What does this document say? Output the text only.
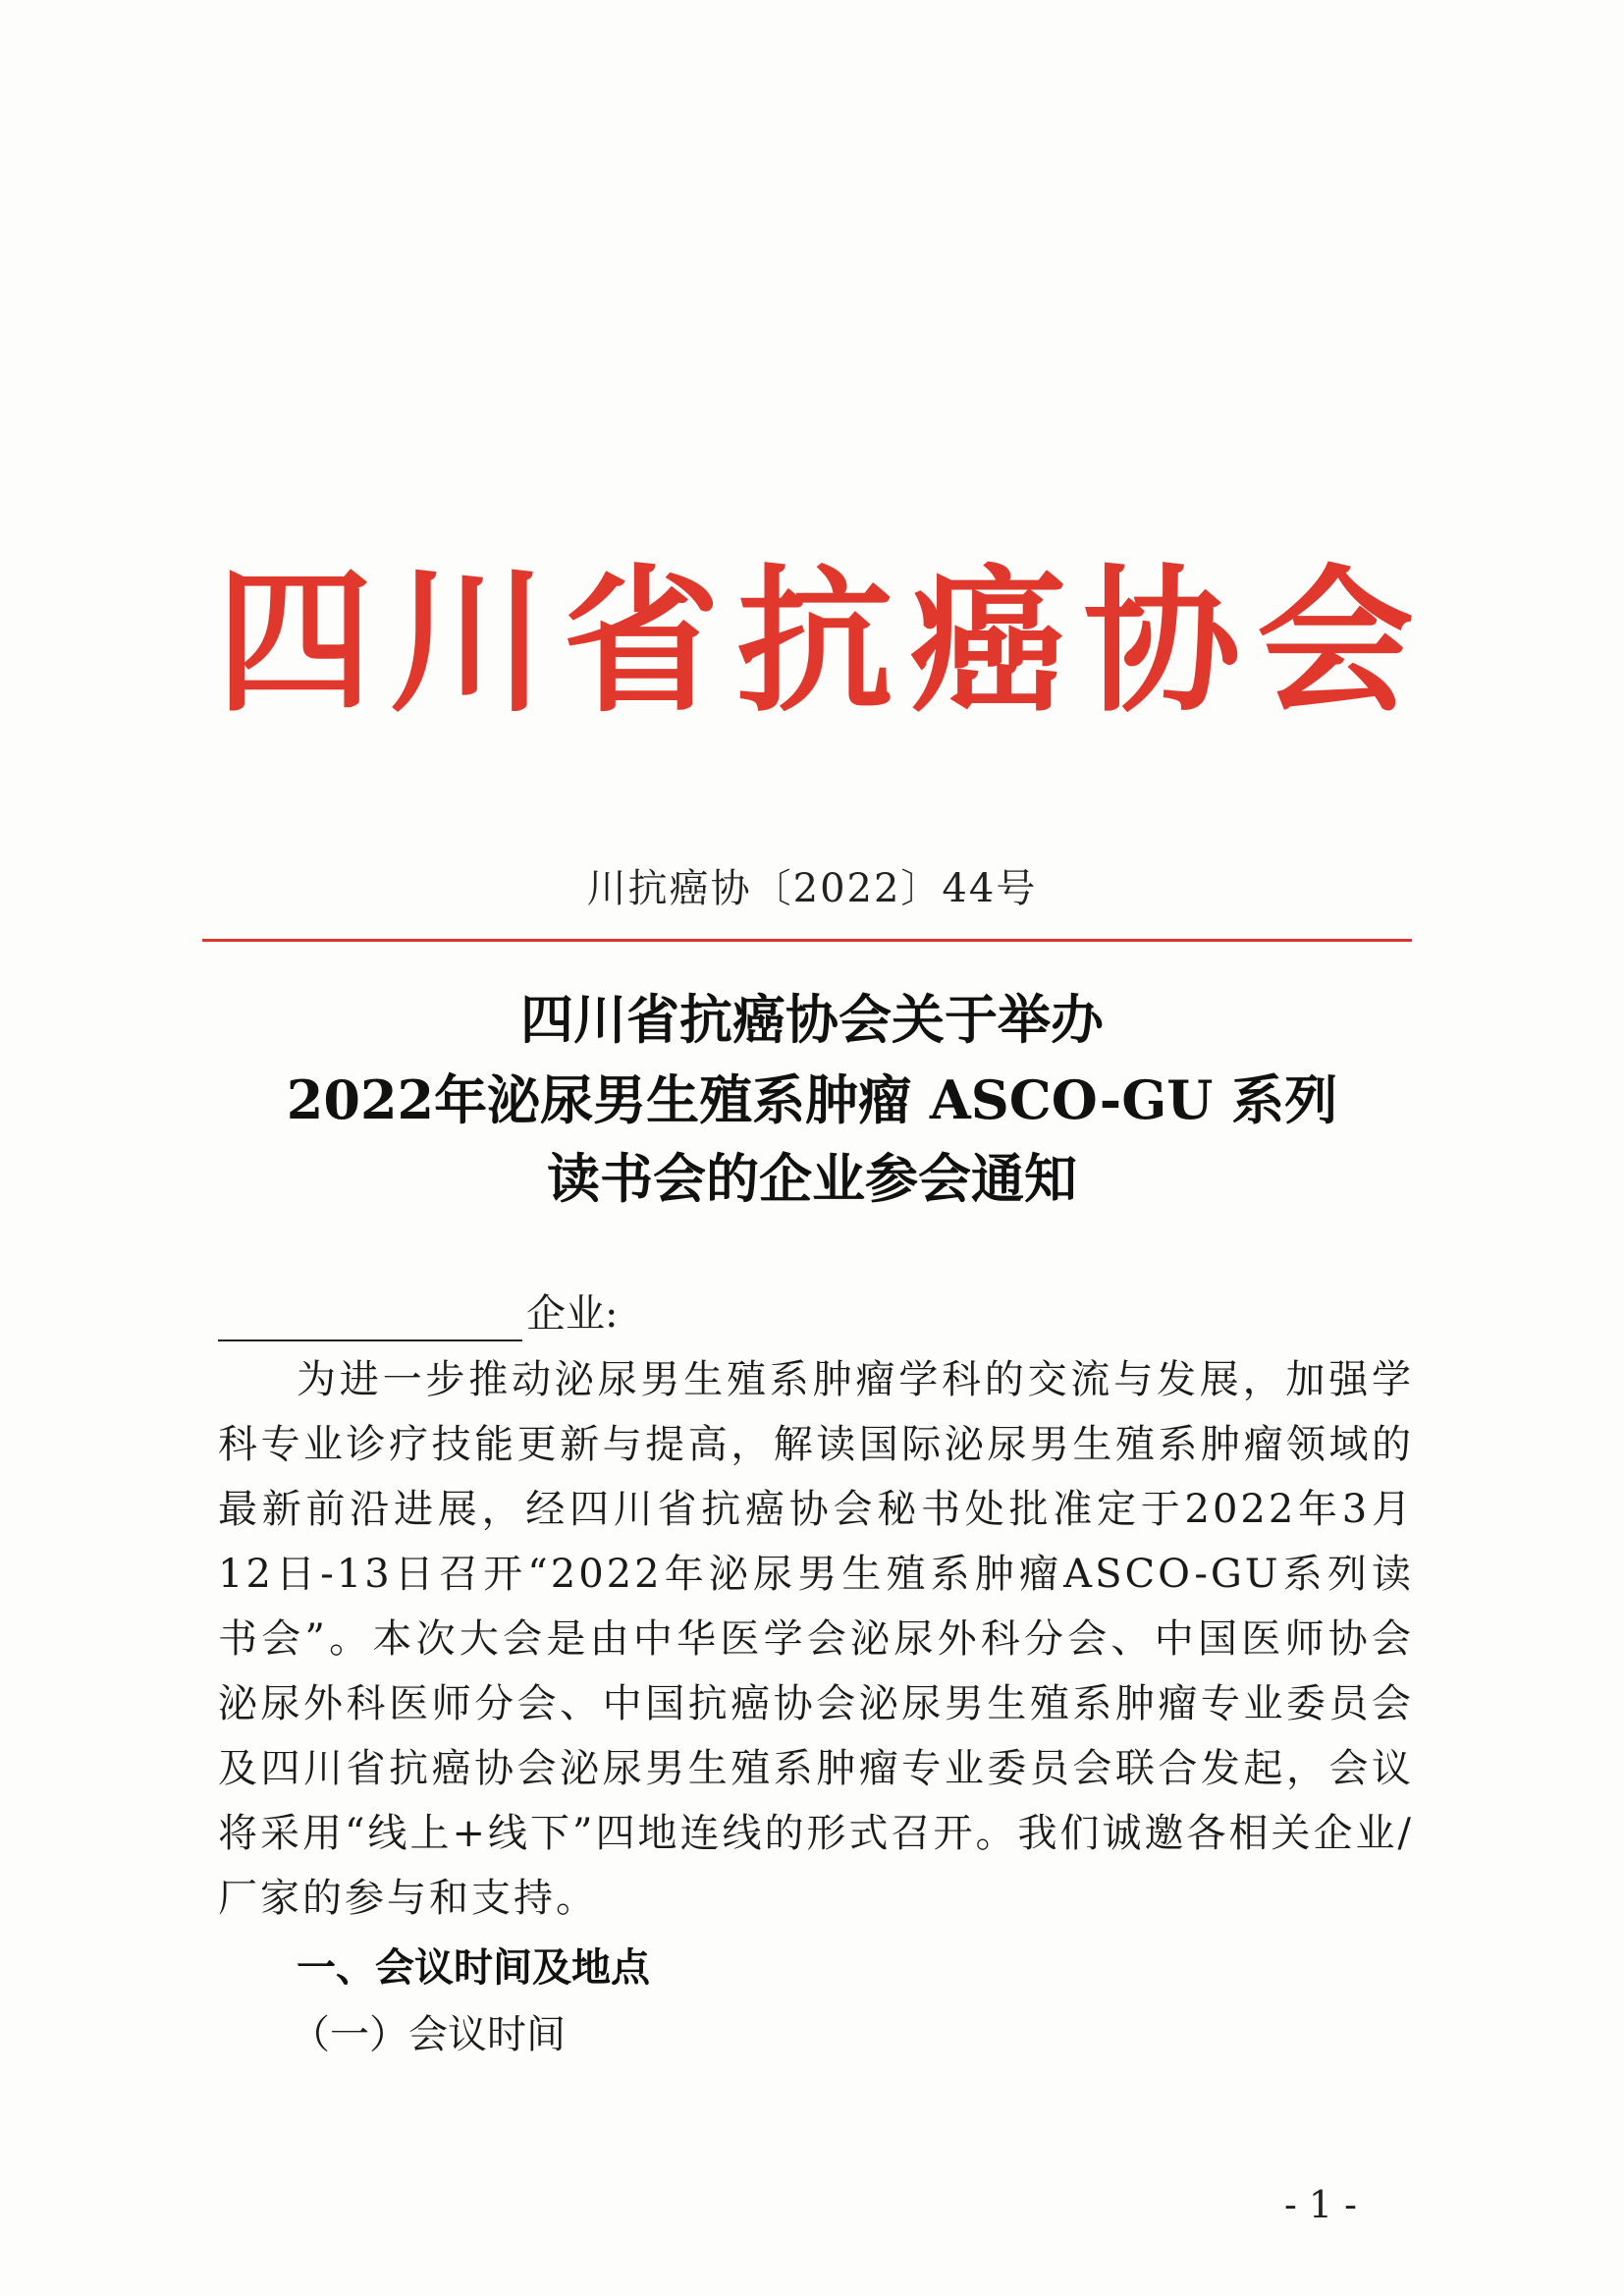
四 川 省 抗 癌 协 会
川抗癌协〔2022〕44号
四川省抗癌协会关于举办
2022年泌尿男生殖系肿瘤 ASCO-GU 系列
读书会的企业参会通知
企业:

为进一步推动泌尿男生殖系肿瘤学科的交流与发展，加强学科专业诊疗技能更新与提高，解读国际泌尿男生殖系肿瘤领域的最新前沿进展，经四川省抗癌协会秘书处批准定于2022年3月12日-13日召开“2022年泌尿男生殖系肿瘤ASCO-GU系列读书会”。本次大会是由中华医学会泌尿外科分会、中国医师协会泌尿外科医师分会、中国抗癌协会泌尿男生殖系肿瘤专业委员会及四川省抗癌协会泌尿男生殖系肿瘤专业委员会联合发起，会议将采用“线上+线下”四地连线的形式召开。我们诚邀各相关企业/厂家的参与和支持。

一、会议时间及地点
（一）会议时间
- 1 -
